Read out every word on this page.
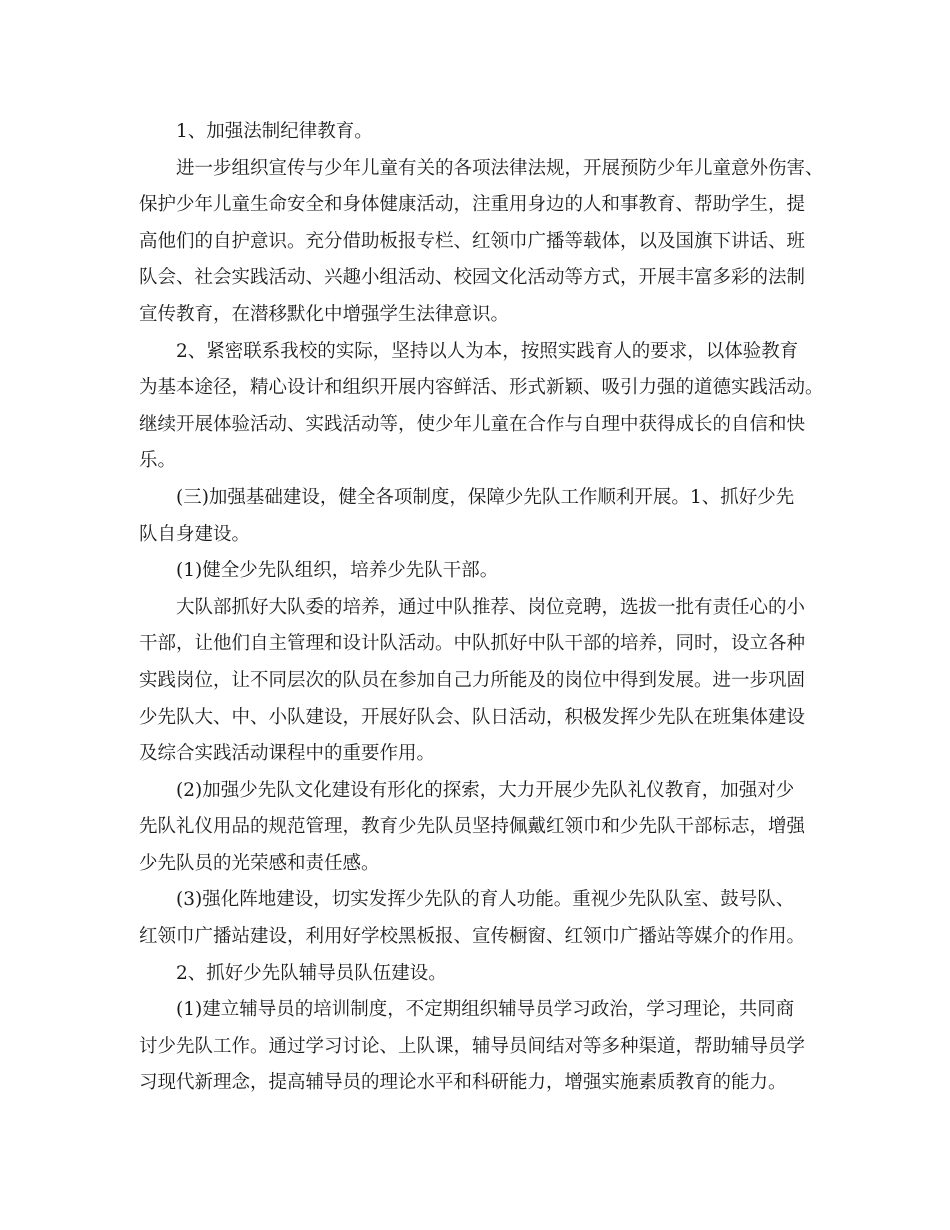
1、加强法制纪律教育。

进一步组织宣传与少年儿童有关的各项法律法规，开展预防少年儿童意外伤害、
保护少年儿童生命安全和身体健康活动，注重用身边的人和事教育、帮助学生，提
高他们的自护意识。充分借助板报专栏、红领巾广播等载体，以及国旗下讲话、班
队会、社会实践活动、兴趣小组活动、校园文化活动等方式，开展丰富多彩的法制
宣传教育，在潜移默化中增强学生法律意识。

2、紧密联系我校的实际，坚持以人为本，按照实践育人的要求，以体验教育
为基本途径，精心设计和组织开展内容鲜活、形式新颖、吸引力强的道德实践活动。
继续开展体验活动、实践活动等，使少年儿童在合作与自理中获得成长的自信和快
乐。

(三)加强基础建设，健全各项制度，保障少先队工作顺利开展。1、抓好少先
队自身建设。

(1)健全少先队组织，培养少先队干部。

大队部抓好大队委的培养，通过中队推荐、岗位竞聘，选拔一批有责任心的小
干部，让他们自主管理和设计队活动。中队抓好中队干部的培养，同时，设立各种
实践岗位，让不同层次的队员在参加自己力所能及的岗位中得到发展。进一步巩固
少先队大、中、小队建设，开展好队会、队日活动，积极发挥少先队在班集体建设
及综合实践活动课程中的重要作用。

(2)加强少先队文化建设有形化的探索，大力开展少先队礼仪教育，加强对少
先队礼仪用品的规范管理，教育少先队员坚持佩戴红领巾和少先队干部标志，增强
少先队员的光荣感和责任感。

(3)强化阵地建设，切实发挥少先队的育人功能。重视少先队队室、鼓号队、
红领巾广播站建设，利用好学校黑板报、宣传橱窗、红领巾广播站等媒介的作用。

2、抓好少先队辅导员队伍建设。

(1)建立辅导员的培训制度，不定期组织辅导员学习政治，学习理论，共同商
讨少先队工作。通过学习讨论、上队课，辅导员间结对等多种渠道，帮助辅导员学
习现代新理念，提高辅导员的理论水平和科研能力，增强实施素质教育的能力。
